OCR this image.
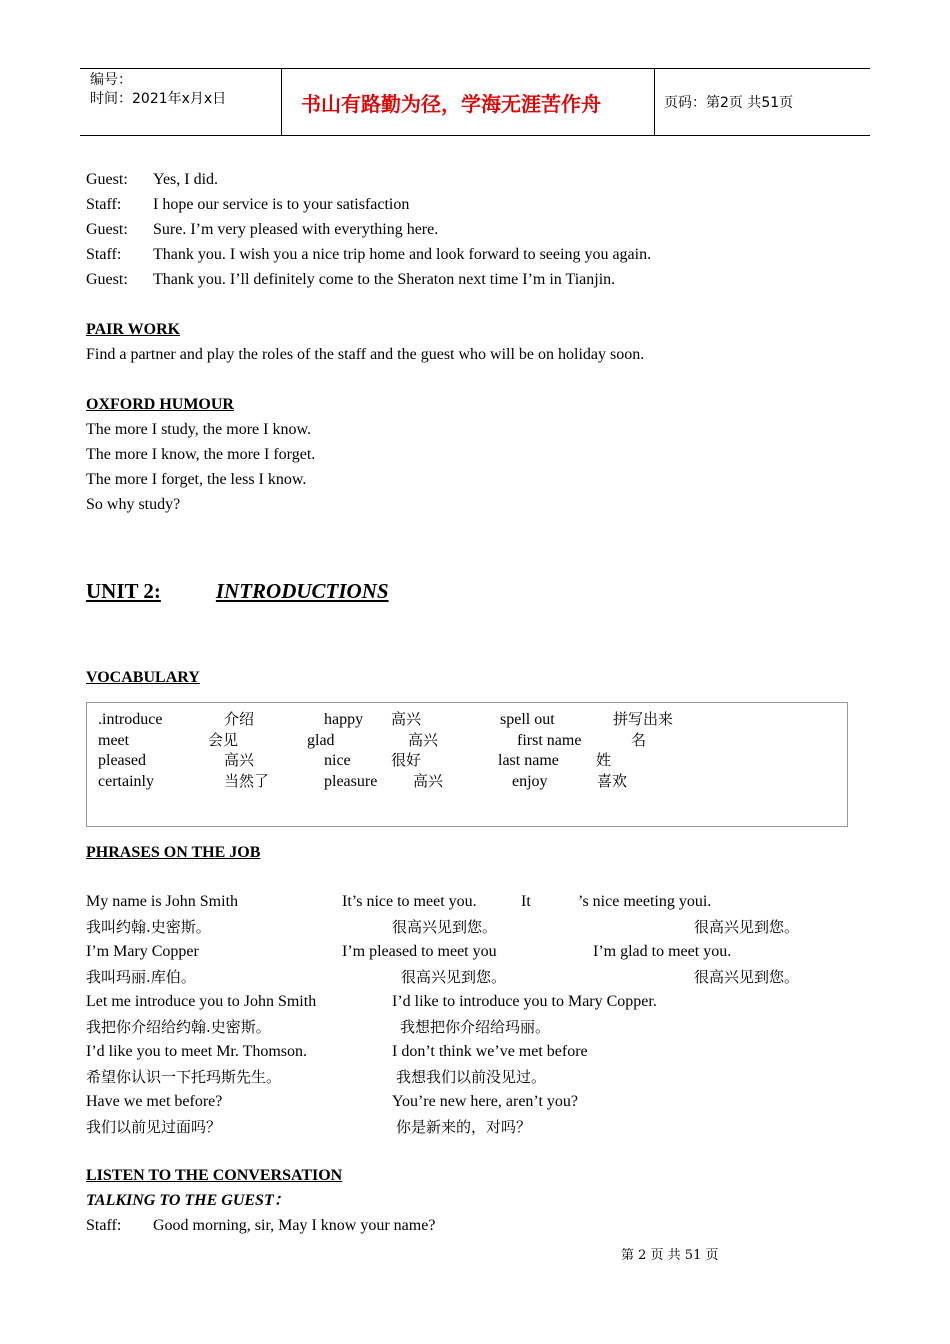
编号：
时间：2021年x月x日	书山有路勤为径，学海无涯苦作舟	页码：第2页 共51页
Guest: Yes, I did.
Staff: I hope our service is to your satisfaction
Guest: Sure. I’m very pleased with everything here.
Staff: Thank you. I wish you a nice trip home and look forward to seeing you again.
Guest: Thank you. I’ll definitely come to the Sheraton next time I’m in Tianjin.
PAIR WORK
Find a partner and play the roles of the staff and the guest who will be on holiday soon.
OXFORD HUMOUR
The more I study, the more I know.
The more I know, the more I forget.
The more I forget, the less I know.
So why study?
UNIT 2:	INTRODUCTIONS
VOCABULARY
.introduce	介绍	happy 高兴	spell out	拼写出来
meet	会见	glad	高兴	first name	名
pleased	高兴	nice	很好	last name 姓
certainly	当然了	pleasure 高兴	enjoy	喜欢
PHRASES ON THE JOB
My name is John Smith	It’s nice to meet you.	It	’s nice meeting youi.
我叫约翰.史密斯。	很高兴见到您。	很高兴见到您。
I’m Mary Copper	I’m pleased to meet you	I’m glad to meet you.
我叫玛丽.库伯。	很高兴见到您。	很高兴见到您。
Let me introduce you to John Smith	I’d like to introduce you to Mary Copper.
我把你介绍给约翰.史密斯。	我想把你介绍给玛丽。
I’d like you to meet Mr. Thomson.	I don’t think we’ve met before
希望你认识一下托玛斯先生。	我想我们以前没见过。
Have we met before?	You’re new here, aren’t you?
我们以前见过面吗？	你是新来的，对吗？
LISTEN TO THE CONVERSATION
TALKING TO THE GUEST：
Staff: Good morning, sir, May I know your name?
第 2 页 共 51 页
